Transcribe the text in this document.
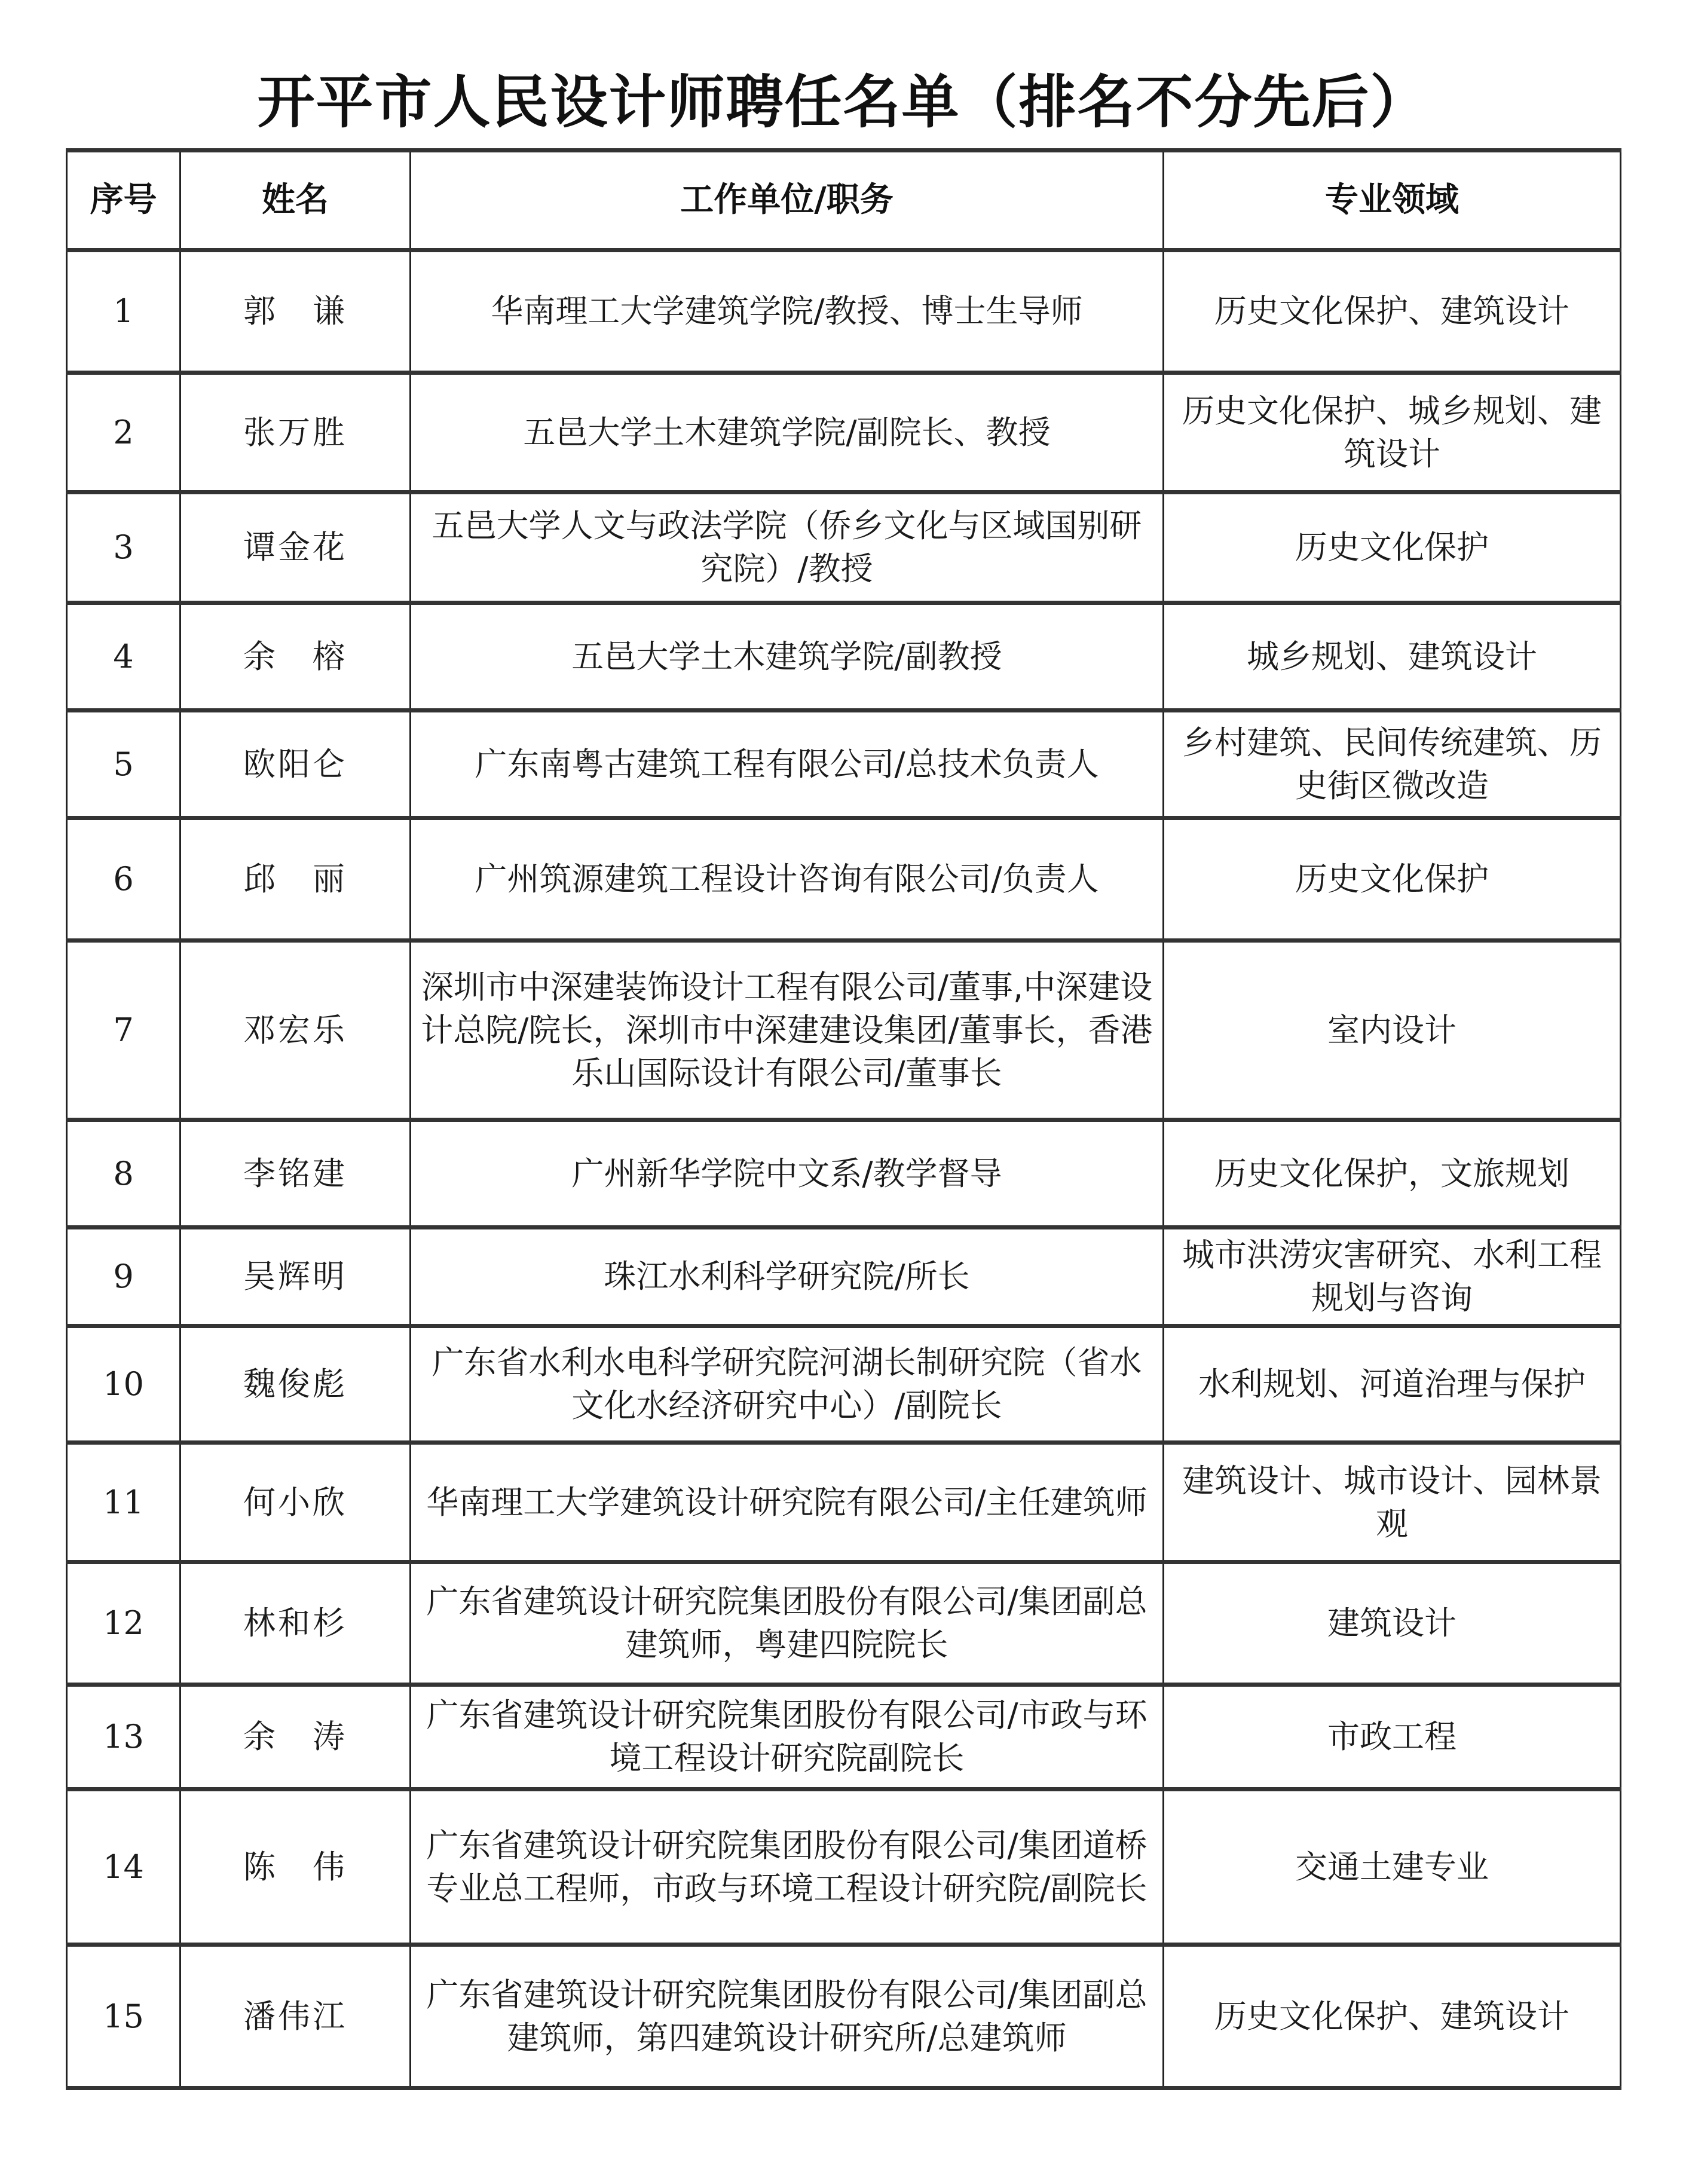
开平市人民设计师聘任名单（排名不分先后）
序号	姓名	工作单位/职务	专业领域
1	郭　谦	华南理工大学建筑学院/教授、博士生导师	历史文化保护、建筑设计
2	张万胜	五邑大学土木建筑学院/副院长、教授	历史文化保护、城乡规划、建筑设计
3	谭金花	五邑大学人文与政法学院（侨乡文化与区域国别研究院）/教授	历史文化保护
4	余　榕	五邑大学土木建筑学院/副教授	城乡规划、建筑设计
5	欧阳仑	广东南粤古建筑工程有限公司/总技术负责人	乡村建筑、民间传统建筑、历史街区微改造
6	邱　丽	广州筑源建筑工程设计咨询有限公司/负责人	历史文化保护
7	邓宏乐	深圳市中深建装饰设计工程有限公司/董事,中深建设计总院/院长，深圳市中深建建设集团/董事长，香港乐山国际设计有限公司/董事长	室内设计
8	李铭建	广州新华学院中文系/教学督导	历史文化保护，文旅规划
9	吴辉明	珠江水利科学研究院/所长	城市洪涝灾害研究、水利工程规划与咨询
10	魏俊彪	广东省水利水电科学研究院河湖长制研究院（省水文化水经济研究中心）/副院长	水利规划、河道治理与保护
11	何小欣	华南理工大学建筑设计研究院有限公司/主任建筑师	建筑设计、城市设计、园林景观
12	林和杉	广东省建筑设计研究院集团股份有限公司/集团副总建筑师，粤建四院院长	建筑设计
13	余　涛	广东省建筑设计研究院集团股份有限公司/市政与环境工程设计研究院副院长	市政工程
14	陈　伟	广东省建筑设计研究院集团股份有限公司/集团道桥专业总工程师，市政与环境工程设计研究院/副院长	交通土建专业
15	潘伟江	广东省建筑设计研究院集团股份有限公司/集团副总建筑师，第四建筑设计研究所/总建筑师	历史文化保护、建筑设计
